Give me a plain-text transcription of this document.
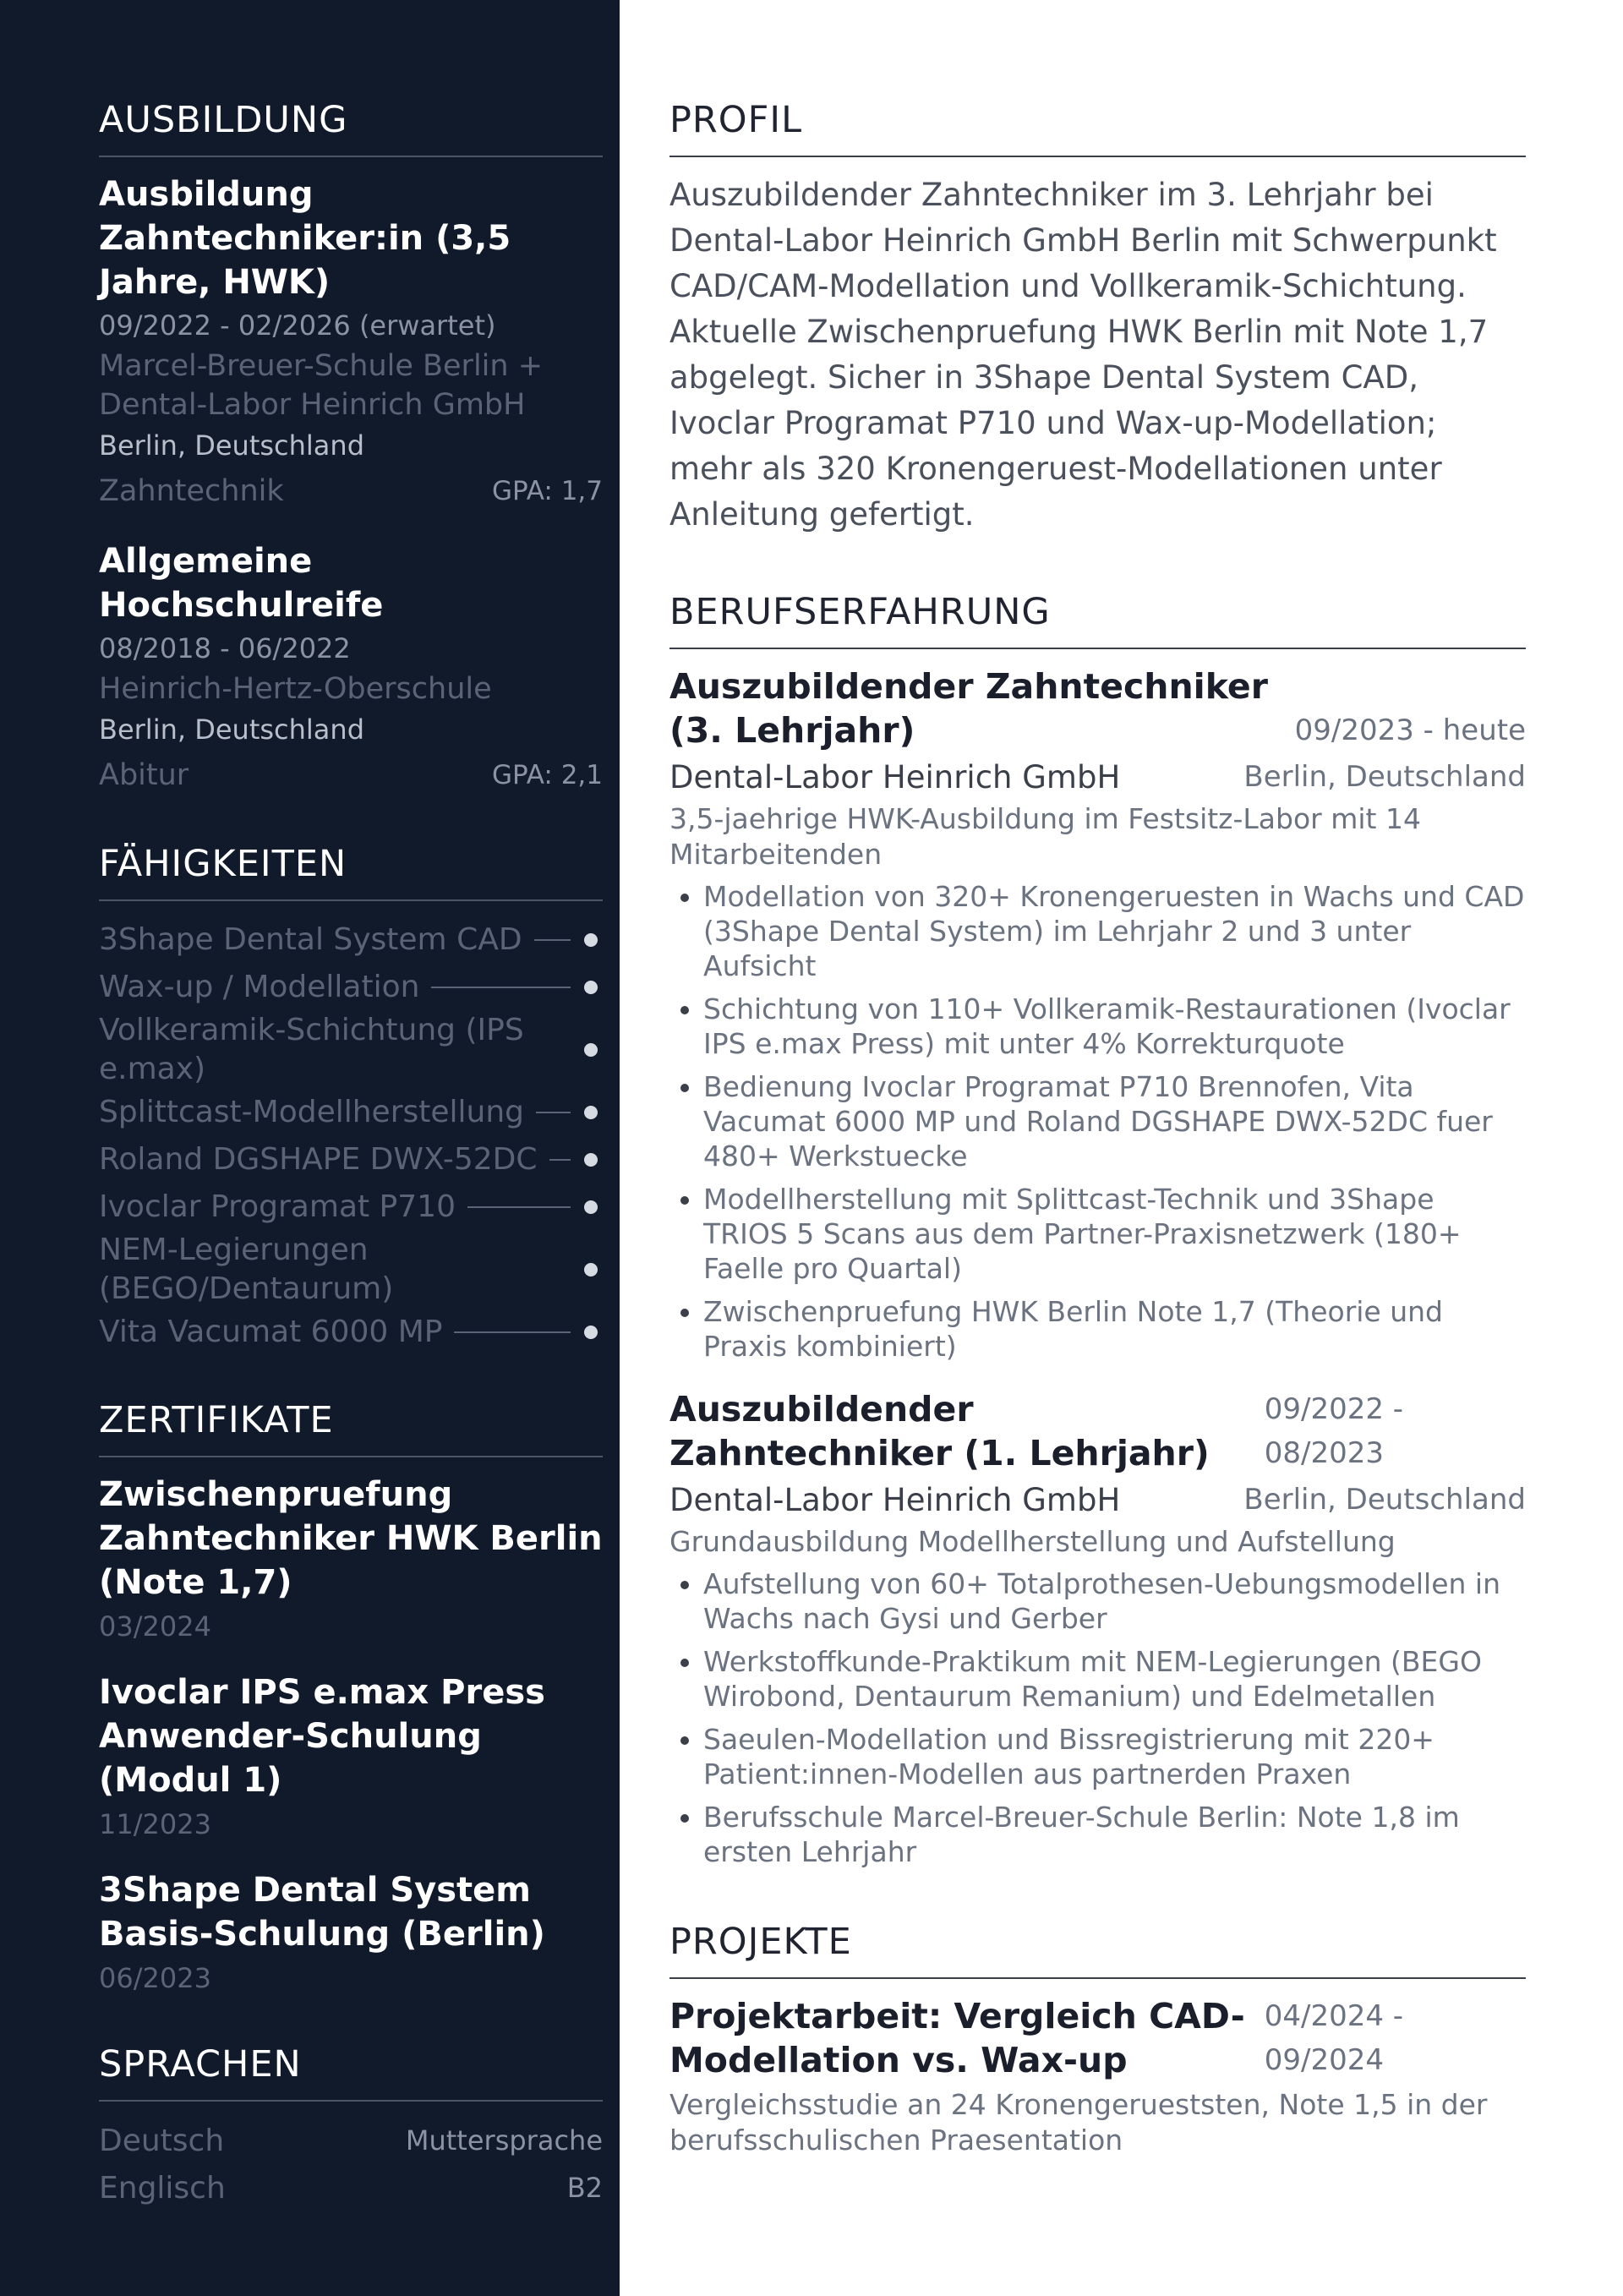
AUSBILDUNG
Ausbildung Zahntechniker:in (3,5 Jahre, HWK)
09/2022 - 02/2026 (erwartet)
Marcel-Breuer-Schule Berlin + Dental-Labor Heinrich GmbH
Berlin, Deutschland
Zahntechnik	GPA: 1,7
Allgemeine Hochschulreife
08/2018 - 06/2022
Heinrich-Hertz-Oberschule
Berlin, Deutschland
Abitur	GPA: 2,1
FÄHIGKEITEN
3Shape Dental System CAD
Wax-up / Modellation
Vollkeramik-Schichtung (IPS e.max)
Splittcast-Modellherstellung
Roland DGSHAPE DWX-52DC
Ivoclar Programat P710
NEM-Legierungen (BEGO/Dentaurum)
Vita Vacumat 6000 MP
ZERTIFIKATE
Zwischenpruefung Zahntechniker HWK Berlin (Note 1,7)
03/2024
Ivoclar IPS e.max Press Anwender-Schulung (Modul 1)
11/2023
3Shape Dental System Basis-Schulung (Berlin)
06/2023
SPRACHEN
Deutsch	Muttersprache
Englisch	B2
PROFIL

Auszubildender Zahntechniker im 3. Lehrjahr bei Dental-Labor Heinrich GmbH Berlin mit Schwerpunkt CAD/CAM-Modellation und Vollkeramik-Schichtung. Aktuelle Zwischenpruefung HWK Berlin mit Note 1,7 abgelegt. Sicher in 3Shape Dental System CAD, Ivoclar Programat P710 und Wax-up-Modellation; mehr als 320 Kronengeruest-Modellationen unter Anleitung gefertigt.

BERUFSERFAHRUNG
Auszubildender Zahntechniker (3. Lehrjahr)	09/2023 - heute
Dental-Labor Heinrich GmbH	Berlin, Deutschland
3,5-jaehrige HWK-Ausbildung im Festsitz-Labor mit 14 Mitarbeitenden
• Modellation von 320+ Kronengeruesten in Wachs und CAD (3Shape Dental System) im Lehrjahr 2 und 3 unter Aufsicht
• Schichtung von 110+ Vollkeramik-Restaurationen (Ivoclar IPS e.max Press) mit unter 4% Korrekturquote
• Bedienung Ivoclar Programat P710 Brennofen, Vita Vacumat 6000 MP und Roland DGSHAPE DWX-52DC fuer 480+ Werkstuecke
• Modellherstellung mit Splittcast-Technik und 3Shape TRIOS 5 Scans aus dem Partner-Praxisnetzwerk (180+ Faelle pro Quartal)
• Zwischenpruefung HWK Berlin Note 1,7 (Theorie und Praxis kombiniert)
Auszubildender Zahntechniker (1. Lehrjahr)
09/2022 - 08/2023
Dental-Labor Heinrich GmbH	Berlin, Deutschland
Grundausbildung Modellherstellung und Aufstellung
• Aufstellung von 60+ Totalprothesen-Uebungsmodellen in Wachs nach Gysi und Gerber
• Werkstoffkunde-Praktikum mit NEM-Legierungen (BEGO Wirobond, Dentaurum Remanium) und Edelmetallen
• Saeulen-Modellation und Bissregistrierung mit 220+ Patient:innen-Modellen aus partnerden Praxen
• Berufsschule Marcel-Breuer-Schule Berlin: Note 1,8 im ersten Lehrjahr
PROJEKTE
Projektarbeit: Vergleich CAD-Modellation vs. Wax-up
04/2024 - 09/2024
Vergleichsstudie an 24 Kronengerueststen, Note 1,5 in der berufsschulischen Praesentation
